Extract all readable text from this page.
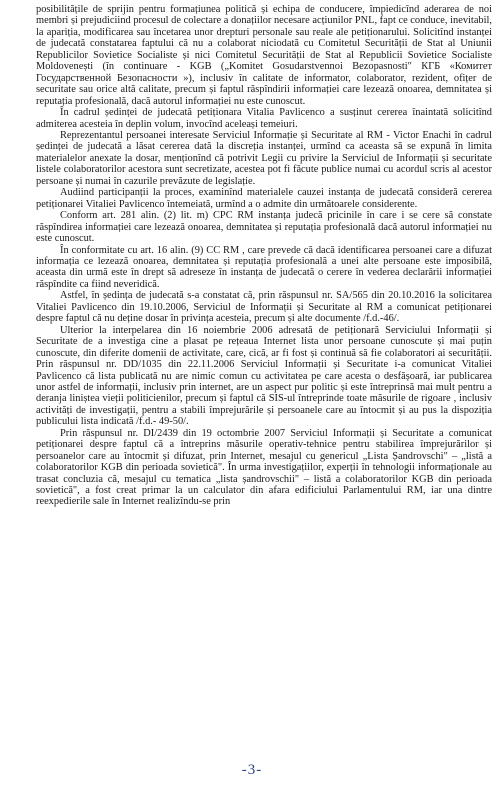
posibilitățile de sprijin pentru formațiunea politică și echipa de conducere, împiedicînd aderarea de noi membri și prejudiciind procesul de colectare a donațiilor necesare acțiunilor PNL, fapt ce conduce, inevitabil, la apariția, modificarea sau încetarea unor drepturi personale sau reale ale petiționarului. Solicitînd instanței de judecată constatarea faptului că nu a colaborat niciodată cu Comitetul Securității de Stat al Uniunii Republicilor Sovietice Socialiste și nici Comitetul Securității de Stat al Republicii Sovietice Socialiste Moldovenești (în continuare - KGB („Komitet Gosudarstvennoi Bezopasnosti" КГБ «Комитет Государственной Безопасности »), inclusiv în calitate de informator, colaborator, rezident, ofițer de securitate sau orice altă calitate, precum și faptul răspîndirii informației care lezează onoarea, demnitatea și reputația profesională, dacă autorul informației nu este cunoscut.

În cadrul ședinței de judecată petiționara Vitalia Pavlicenco a susținut cererea înaintată solicitînd admiterea acesteia în deplin volum, invocînd aceleași temeiuri.

Reprezentantul persoanei interesate Serviciul Informație și Securitate al RM - Victor Enachi în cadrul ședinței de judecată a lăsat cererea dată la discreția instanței, urmînd ca aceasta să se expună în limita materialelor anexate la dosar, menționînd că potrivit Legii cu privire la Serviciul de Informații și securitate listele colaboratorilor acestora sunt secretizate, acestea pot fi făcute publice numai cu acordul scris al acestor persoane și numai în cazurile prevăzute de legislație.

Audiind participanții la proces, examinînd materialele cauzei instanța de judecată consideră cererea petiționarei Vitaliei Pavlicenco întemeiată, urmînd a o admite din următoarele considerente.

Conform art. 281 alin. (2) lit. m) CPC RM instanța judecă pricinile în care i se cere să constate răspîndirea informației care lezează onoarea, demnitatea și reputația profesională dacă autorul informației nu este cunoscut.

În conformitate cu art. 16 alin. (9) CC RM , care prevede că dacă identificarea persoanei care a difuzat informația ce lezează onoarea, demnitatea și reputația profesională a unei alte persoane este imposibilă, aceasta din urmă este în drept să adreseze în instanța de judecată o cerere în vederea declarării informației răspîndite ca fiind neveridică.

Astfel, în ședința de judecată s-a constatat că, prin răspunsul nr. SA/565 din 20.10.2016 la solicitarea Vitaliei Pavlicenco din 19.10.2006, Serviciul de Informații și Securitate al RM a comunicat petiționarei despre faptul că nu deține dosar în privința acesteia, precum și alte documente /f.d.-46/.

Ulterior la interpelarea din 16 noiembrie 2006 adresată de petiționară Serviciului Informații și Securitate de a investiga cine a plasat pe rețeaua Internet lista unor persoane cunoscute și mai puțin cunoscute, din diferite domenii de activitate, care, cică, ar fi fost și continuă să fie colaboratori ai securității. Prin răspunsul nr. DD/1035 din 22.11.2006 Serviciul Informații și Securitate i-a comunicat Vitaliei Pavlicenco că lista publicată nu are nimic comun cu activitatea pe care acesta o desfășoară, iar publicarea unor astfel de informații, inclusiv prin internet, are un aspect pur politic și este întreprinsă mai mult pentru a deranja liniștea vieții politicienilor, precum și faptul că SIS-ul întreprinde toate măsurile de rigoare , inclusiv activități de investigații, pentru a stabili împrejurările și persoanele care au întocmit și au pus la dispoziția publicului lista indicată /f.d.- 49-50/.

Prin răspunsul nr. DI/2439 din 19 octombrie 2007 Serviciul Informații și Securitate a comunicat petiționarei despre faptul că a întreprins măsurile operativ-tehnice pentru stabilirea împrejurărilor și persoanelor care au întocmit și difuzat, prin Internet, mesajul cu genericul „Lista Șandrovschi" – „listă a colaboratorilor KGB din perioada sovietică". În urma investigațiilor, experții în tehnologii informaționale au trasat concluzia că, mesajul cu tematica „lista șandrovschii" – listă a colaboratorilor KGB din perioada sovietică", a fost creat primar la un calculator din afara edificiului Parlamentului RM, iar una dintre reexpedierile sale în Internet realizîndu-se prin

-3-
